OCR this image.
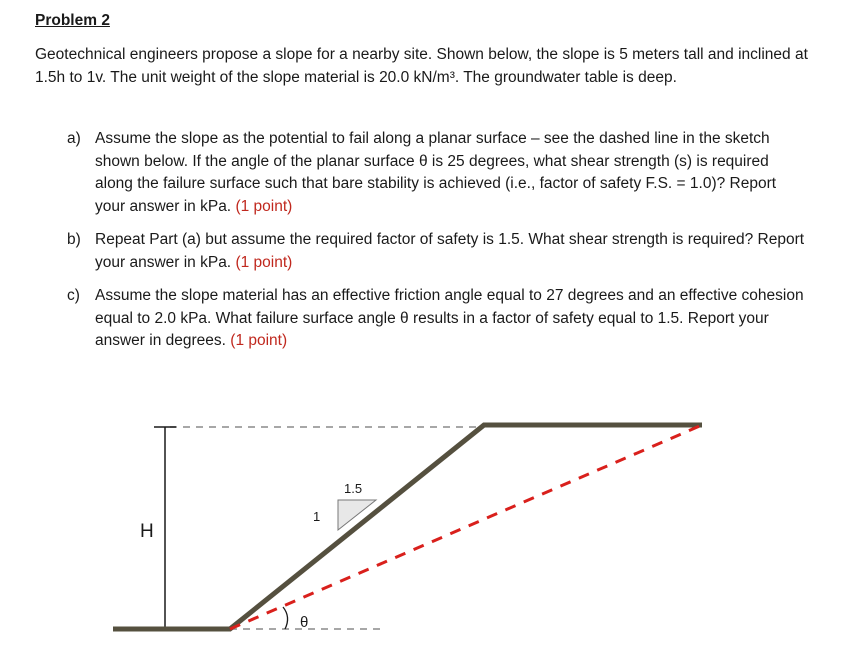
Problem 2
Geotechnical engineers propose a slope for a nearby site. Shown below, the slope is 5 meters tall and inclined at 1.5h to 1v. The unit weight of the slope material is 20.0 kN/m³. The groundwater table is deep.
a) Assume the slope as the potential to fail along a planar surface – see the dashed line in the sketch shown below. If the angle of the planar surface θ is 25 degrees, what shear strength (s) is required along the failure surface such that bare stability is achieved (i.e., factor of safety F.S. = 1.0)? Report your answer in kPa. (1 point)
b) Repeat Part (a) but assume the required factor of safety is 1.5. What shear strength is required? Report your answer in kPa. (1 point)
c) Assume the slope material has an effective friction angle equal to 27 degrees and an effective cohesion equal to 2.0 kPa. What failure surface angle θ results in a factor of safety equal to 1.5. Report your answer in degrees. (1 point)
H
1.5
1
θ
